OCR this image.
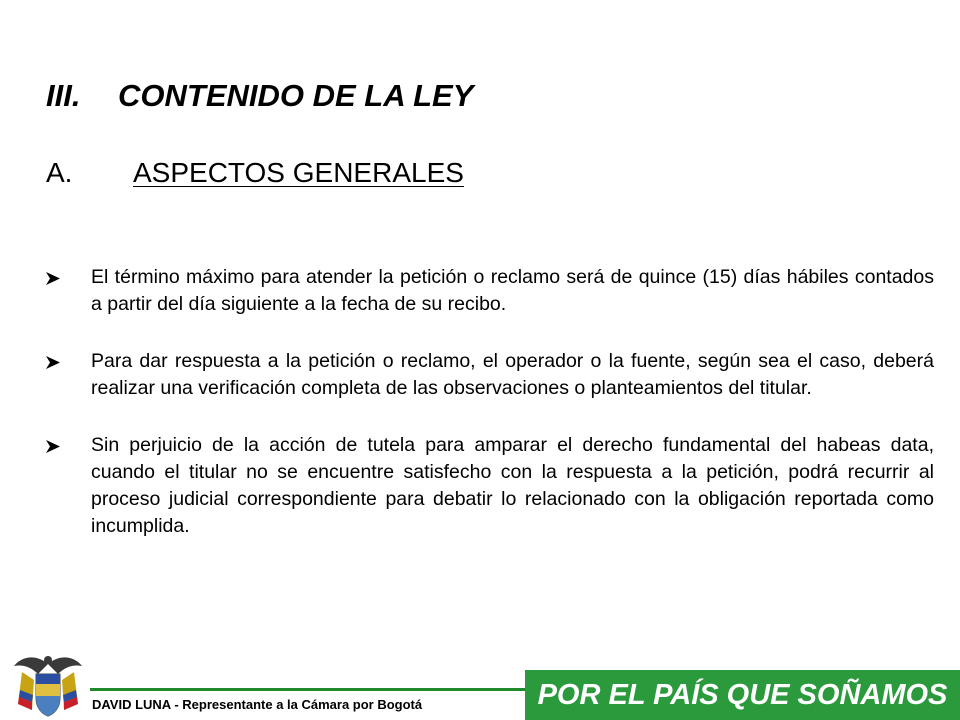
III. CONTENIDO DE LA LEY
A. ASPECTOS GENERALES
El término máximo para atender la petición o reclamo será de quince (15) días hábiles contados a partir del día siguiente a la fecha de su recibo.
Para dar respuesta a la petición o reclamo, el operador o la fuente, según sea el caso, deberá realizar una verificación completa de las observaciones o planteamientos del titular.
Sin perjuicio de la acción de tutela para amparar el derecho fundamental del habeas data, cuando el titular no se encuentre satisfecho con la respuesta a la petición, podrá recurrir al proceso judicial correspondiente para debatir lo relacionado con la obligación reportada como incumplida.
DAVID LUNA - Representante a la Cámara por Bogotá	POR EL PAÍS QUE SOÑAMOS
